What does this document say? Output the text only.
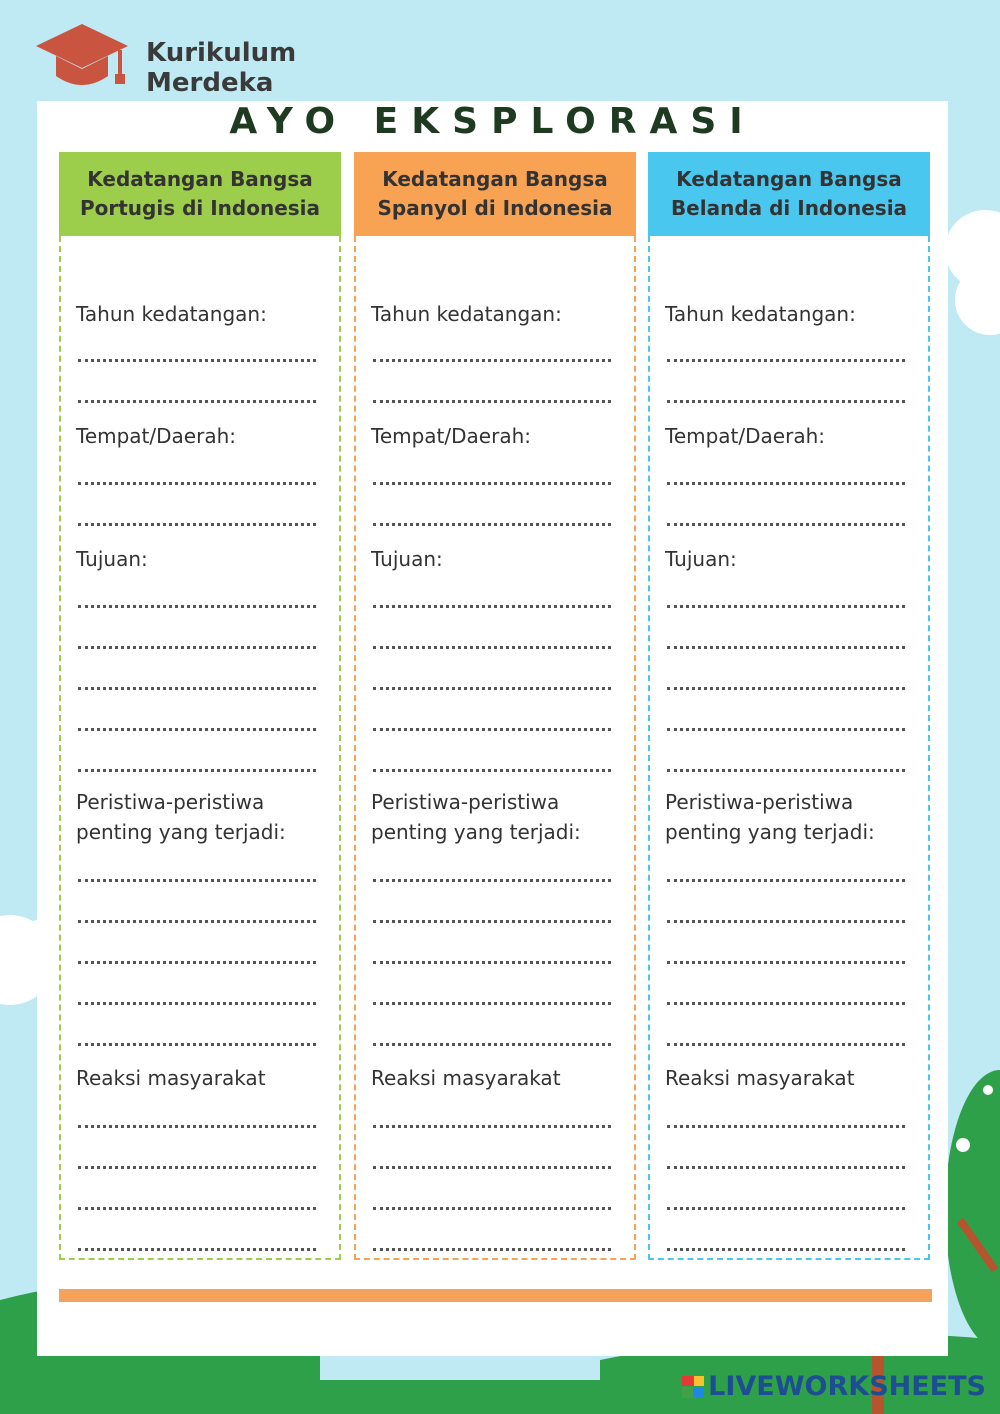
Kurikulum
Merdeka
AYO EKSPLORASI
Kedatangan Bangsa
Portugis di Indonesia
Tahun kedatangan:
Tempat/Daerah:
Tujuan:
Peristiwa-peristiwa
penting yang terjadi:
Reaksi masyarakat
Kedatangan Bangsa
Spanyol di Indonesia
Tahun kedatangan:
Tempat/Daerah:
Tujuan:
Peristiwa-peristiwa
penting yang terjadi:
Reaksi masyarakat
Kedatangan Bangsa
Belanda di Indonesia
Tahun kedatangan:
Tempat/Daerah:
Tujuan:
Peristiwa-peristiwa
penting yang terjadi:
Reaksi masyarakat
LIVEWORKSHEETS
